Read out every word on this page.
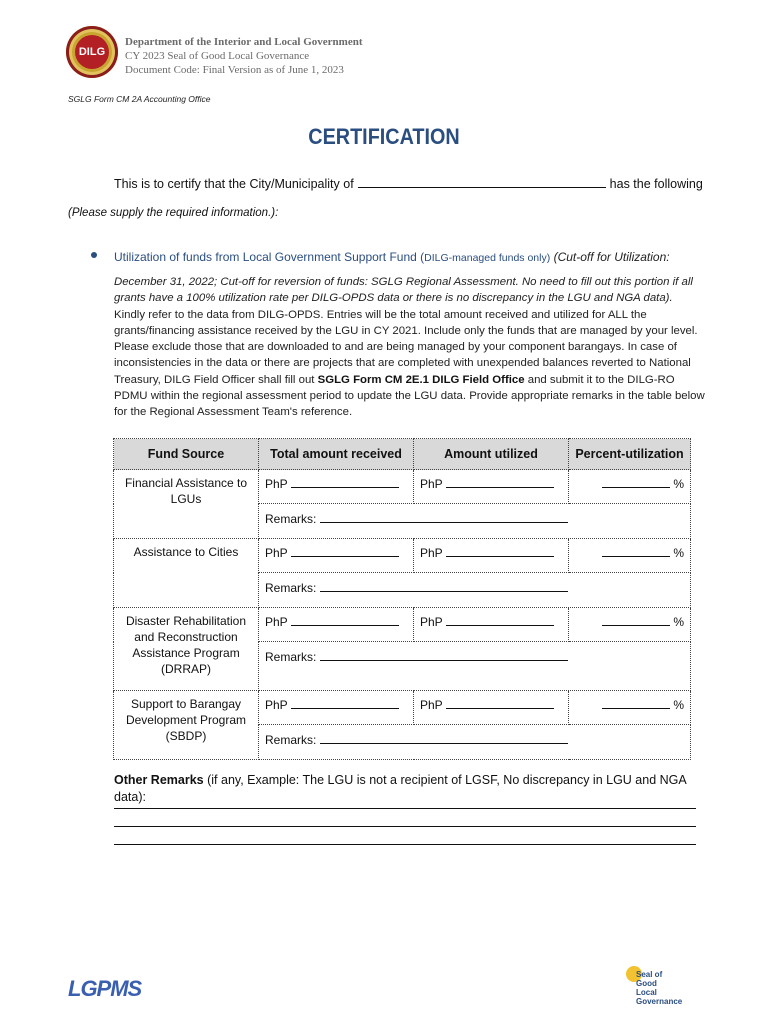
DILG
Department of the Interior and Local Government
CY 2023 Seal of Good Local Governance
Document Code: Final Version as of June 1, 2023
SGLG Form CM 2A Accounting Office
CERTIFICATION
This is to certify that the City/Municipality of	has the following
(Please supply the required information.):
Utilization of funds from Local Government Support Fund (DILG-managed funds only) (Cut-off for Utilization:
December 31, 2022; Cut-off for reversion of funds: SGLG Regional Assessment. No need to fill out this portion if all grants have a 100% utilization rate per DILG-OPDS data or there is no discrepancy in the LGU and NGA data). Kindly refer to the data from DILG-OPDS. Entries will be the total amount received and utilized for ALL the grants/financing assistance received by the LGU in CY 2021. Include only the funds that are managed by your level. Please exclude those that are downloaded to and are being managed by your component barangays. In case of inconsistencies in the data or there are projects that are completed with unexpended balances reverted to National Treasury, DILG Field Officer shall fill out SGLG Form CM 2E.1 DILG Field Office and submit it to the DILG-RO PDMU within the regional assessment period to update the LGU data. Provide appropriate remarks in the table below for the Regional Assessment Team's reference.
Fund Source	Total amount received	Amount utilized	Percent-utilization
Financial Assistance to LGUs	PhP	PhP	%
	Remarks:		
Assistance to Cities	PhP	PhP	%
	Remarks:		
Disaster Rehabilitation and Reconstruction Assistance Program (DRRAP)	PhP	PhP	%
	Remarks:		
Support to Barangay Development Program (SBDP)	PhP	PhP	%
	Remarks:		
Other Remarks (if any, Example: The LGU is not a recipient of LGSF, No discrepancy in LGU and NGA data):
LGPMS
Seal of
Good
Local
Governance
